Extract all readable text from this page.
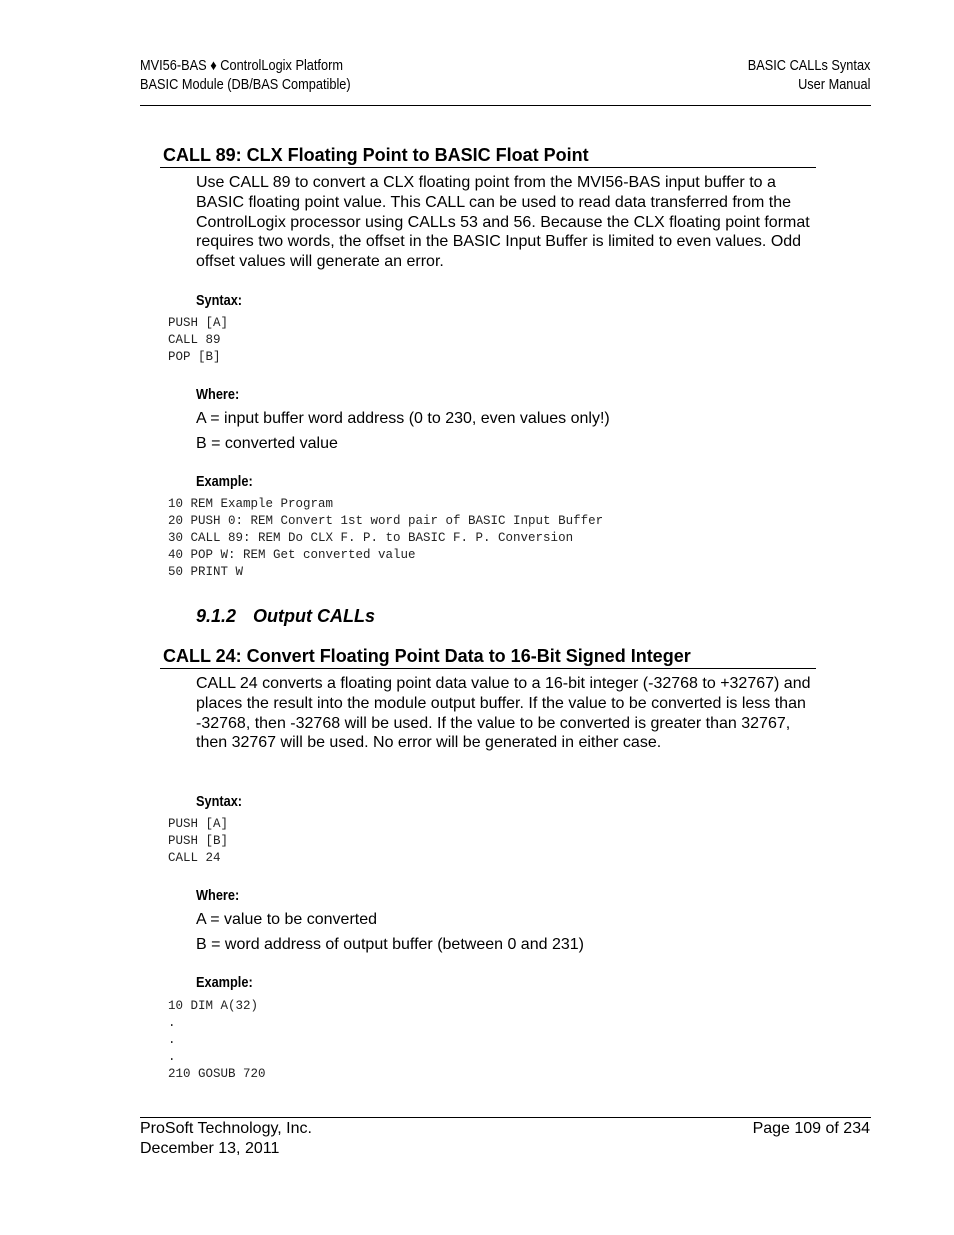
MVI56-BAS ♦ ControlLogix Platform
BASIC Module (DB/BAS Compatible)
BASIC CALLs Syntax
User Manual
CALL 89: CLX Floating Point to BASIC Float Point
Use CALL 89 to convert a CLX floating point from the MVI56-BAS input buffer to a BASIC floating point value. This CALL can be used to read data transferred from the ControlLogix processor using CALLs 53 and 56. Because the CLX floating point format requires two words, the offset in the BASIC Input Buffer is limited to even values. Odd offset values will generate an error.
Syntax:
PUSH [A]
CALL 89
POP [B]
Where:
A = input buffer word address (0 to 230, even values only!)
B = converted value
Example:
10 REM Example Program
20 PUSH 0: REM Convert 1st word pair of BASIC Input Buffer
30 CALL 89: REM Do CLX F. P. to BASIC F. P. Conversion
40 POP W: REM Get converted value
50 PRINT W
9.1.2 Output CALLs
CALL 24: Convert Floating Point Data to 16-Bit Signed Integer
CALL 24 converts a floating point data value to a 16-bit integer (-32768 to +32767) and places the result into the module output buffer. If the value to be converted is less than -32768, then -32768 will be used. If the value to be converted is greater than 32767, then 32767 will be used. No error will be generated in either case.
Syntax:
PUSH [A]
PUSH [B]
CALL 24
Where:
A = value to be converted
B = word address of output buffer (between 0 and 231)
Example:
10 DIM A(32)
.
.
.
210 GOSUB 720
ProSoft Technology, Inc.
December 13, 2011
Page 109 of 234
